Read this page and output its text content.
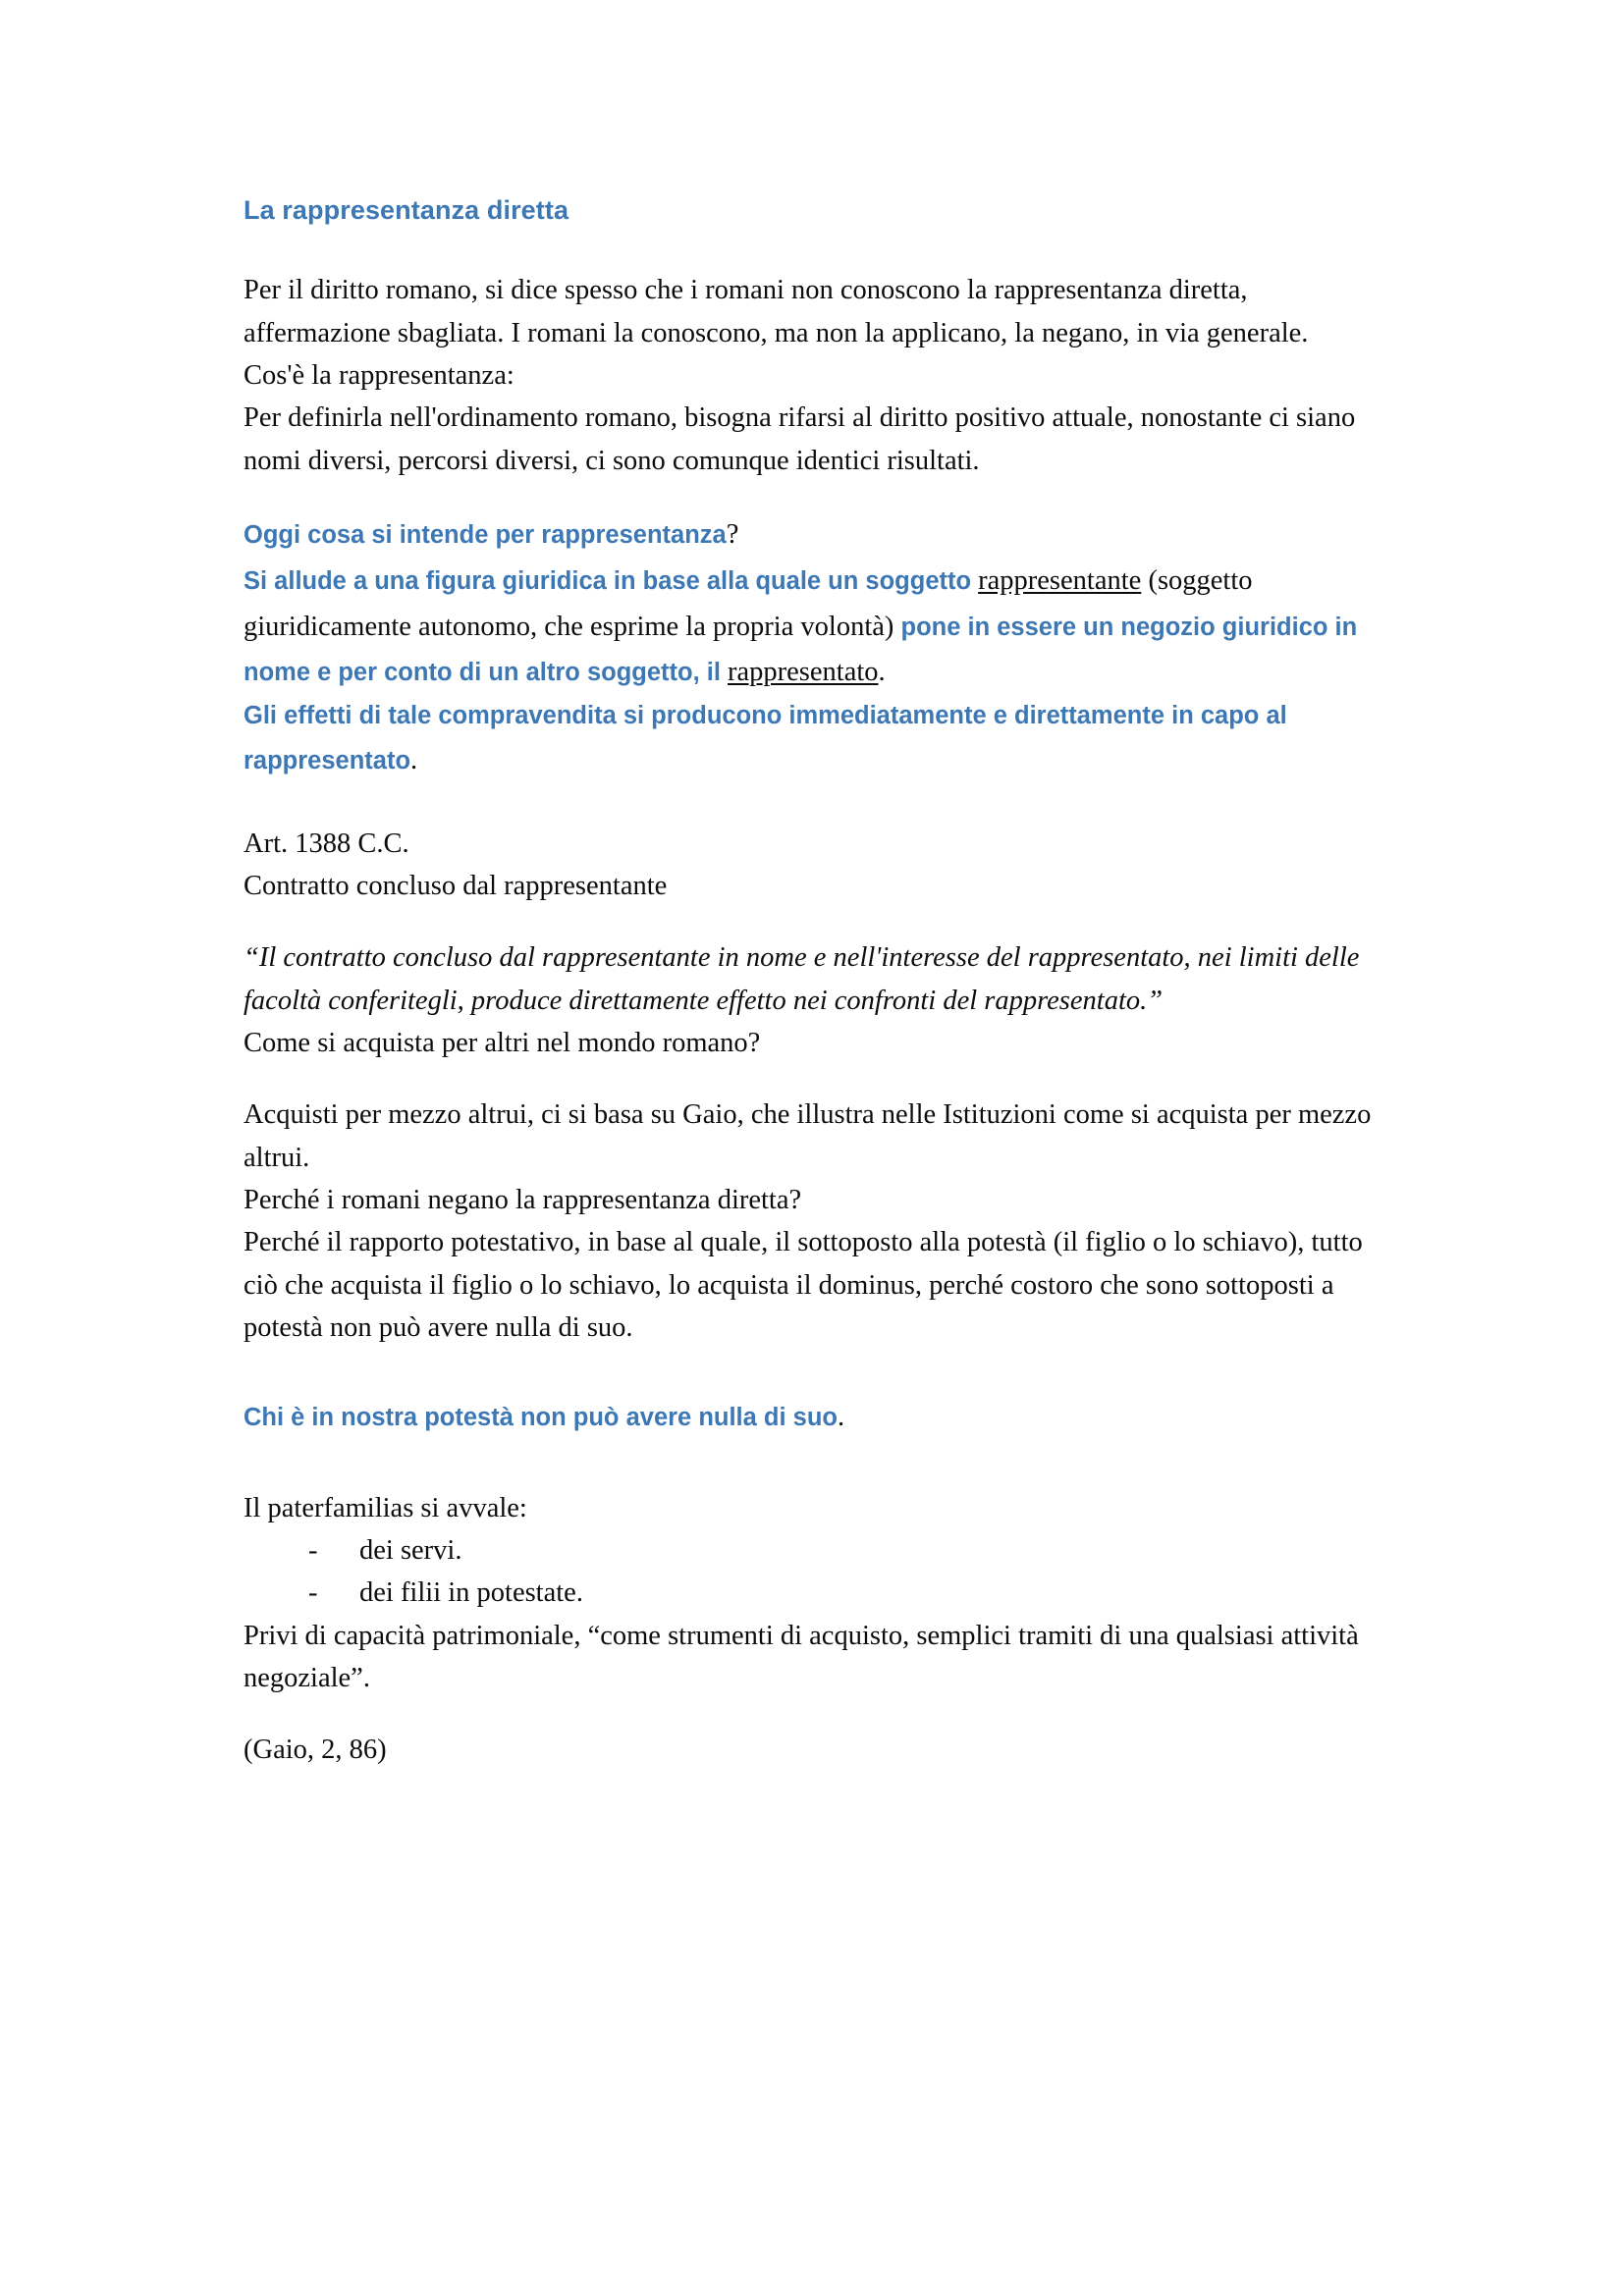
La rappresentanza diretta

Per il diritto romano, si dice spesso che i romani non conoscono la rappresentanza diretta, affermazione sbagliata. I romani la conoscono, ma non la applicano, la negano, in via generale.

Cos'è la rappresentanza:

Per definirla nell'ordinamento romano, bisogna rifarsi al diritto positivo attuale, nonostante ci siano nomi diversi, percorsi diversi, ci sono comunque identici risultati.

Oggi cosa si intende per rappresentanza?

Si allude a una figura giuridica in base alla quale un soggetto rappresentante (soggetto giuridicamente autonomo, che esprime la propria volontà) pone in essere un negozio giuridico in nome e per conto di un altro soggetto, il rappresentato.

Gli effetti di tale compravendita si producono immediatamente e direttamente in capo al rappresentato.

Art. 1388 C.C.

Contratto concluso dal rappresentante

“Il contratto concluso dal rappresentante in nome e nell'interesse del rappresentato, nei limiti delle facoltà conferitegli, produce direttamente effetto nei confronti del rappresentato.”

Come si acquista per altri nel mondo romano?

Acquisti per mezzo altrui, ci si basa su Gaio, che illustra nelle Istituzioni come si acquista per mezzo altrui.

Perché i romani negano la rappresentanza diretta?

Perché il rapporto potestativo, in base al quale, il sottoposto alla potestà (il figlio o lo schiavo), tutto ciò che acquista il figlio o lo schiavo, lo acquista il dominus, perché costoro che sono sottoposti a potestà non può avere nulla di suo.

Chi è in nostra potestà non può avere nulla di suo.

Il paterfamilias si avvale:

- dei servi.
- dei filii in potestate.

Privi di capacità patrimoniale, “come strumenti di acquisto, semplici tramiti di una qualsiasi attività negoziale”.

(Gaio, 2, 86)
